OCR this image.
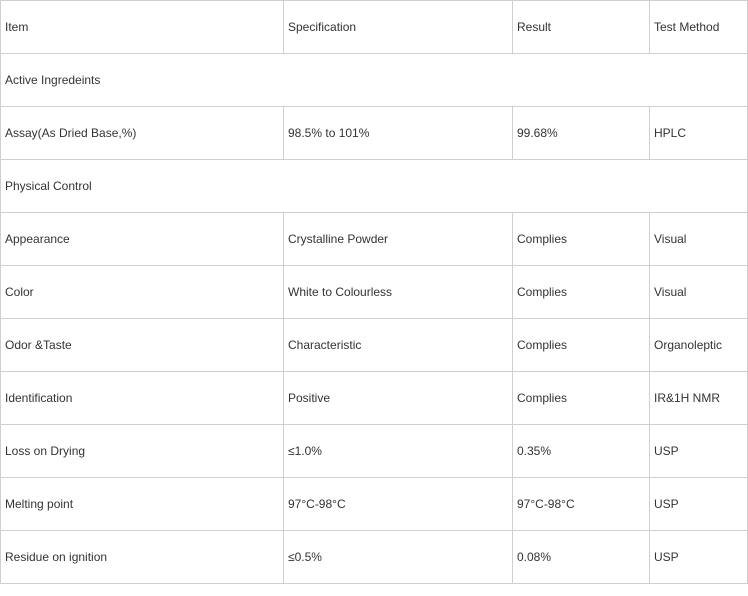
Item	Specification	Result	Test Method
Active Ingredeints			
Assay(As Dried Base,%)	98.5% to 101%	99.68%	HPLC
Physical Control			
Appearance	Crystalline Powder	Complies	Visual
Color	White to Colourless	Complies	Visual
Odor &Taste	Characteristic	Complies	Organoleptic
Identification	Positive	Complies	IR&1H NMR
Loss on Drying	≤1.0%	0.35%	USP
Melting point	97°C-98°C	97°C-98°C	USP
Residue on ignition	≤0.5%	0.08%	USP
